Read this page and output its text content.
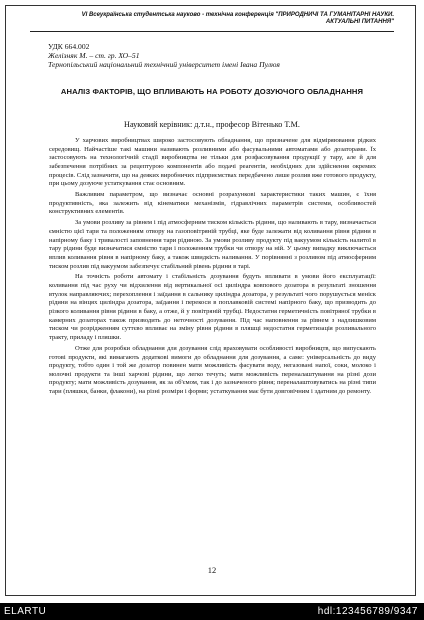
VI Всеукраїнська студентська науково - технічна конференція "ПРИРОДНИЧІ ТА ГУМАНІТАРНІ НАУКИ.
АКТУАЛЬНІ ПИТАННЯ"
УДК 664.002
Желізняк М. – ст. гр. ХО–51
Тернопільський національний технічний університет імені Івана Пулюя
АНАЛІЗ ФАКТОРІВ, ЩО ВПЛИВАЮТЬ НА РОБОТУ ДОЗУЮЧОГО ОБЛАДНАННЯ
Науковий керівник: д.т.н., професор Вітенько Т.М.

У харчових виробництвах широко застосовують обладнання, що призначене для відміряювання рідких середовищ. Найчастіше такі машини називають розливними або фасувальними автоматами або дозаторами. Їх застосовують на технологічній стадії виробництва не тільки для розфасовування продукції у тару, але й для забезпечення потрібних за рецептурою компонентів або подачі реагентів, необхідних для здійснення окремих процесів. Слід зазначити, що на деяких виробничих підприємствах передбачено лише розлив вже готового продукту, при цьому дозуюче устаткування стає основним.

Важливим параметром, що визначає основні розрахункові характеристики таких машин, є їхня продуктивність, яка залежить від кінематики механізмів, гідравлічних параметрів системи, особливостей конструктивних елементів.

За умови розливу за рівнем і під атмосферним тиском кількість рідини, що наливають в тару, визначається ємністю цієї тари та положенням отвору на газоповітряній трубці, яке буде залежати від коливання рівня рідини в напірному баку і тривалості заповнення тари рідиною. За умови розливу продукту під вакуумом кількість налитої в тару рідини буде визначатися ємністю тари і положенням трубки чи отвору на ній. У цьому випадку виключається вплив коливання рівня в напірному баку, а також швидкість наливання. У порівнянні з розливом під атмосферним тиском розлив під вакуумом забезпечує стабільний рівень рідини в тарі.

На точність роботи автомату і стабільність дозування будуть впливати в умови його експлуатації: коливання під час руху чи відхилення від вертикальної осі циліндра ковпового дозатора в результаті зношення втулок направляючих; перехоплення і заїдання в сальнику циліндра дозатора, у результаті чого порушується меніск рідини на вінцях циліндра дозатора, заїдання і перекоси в поплавковій системі напірного баку, що призводить до різкого коливання рівня рідини в баку, а отже, й у повітряній трубці. Недостатня герметичність повітряної трубки в камерних дозаторах також призводить до неточності дозування. Під час наповнення за рівнем з надлишковим тиском чи розрідженням суттєво впливає на зміну рівня рідини в пляшці недостатня герметизація розливального тракту, приладу і пляшки.

Отже для розробки обладнання для дозування слід враховувати особливості виробництв, що випускають готові продукти, які вимагають додаткові вимоги до обладнання для дозування, а саме: універсальність до виду продукту, тобто один і той же дозатор повинен мати можливість фасувати воду, негазовані напої, соки, молоко і молочні продукти та інші харчові рідини, що легко течуть; мати можливість переналаштування на різні дози продукту; мати можливість дозування, як за об'ємом, так і до зазначеного рівня; переналаштовуватись на різні типи тари (пляшки, банки, флакони), на різні розміри і форми; устаткування має бути довговічним і здатним до ремонту.

12
ELARTU	hdl:123456789/9347
